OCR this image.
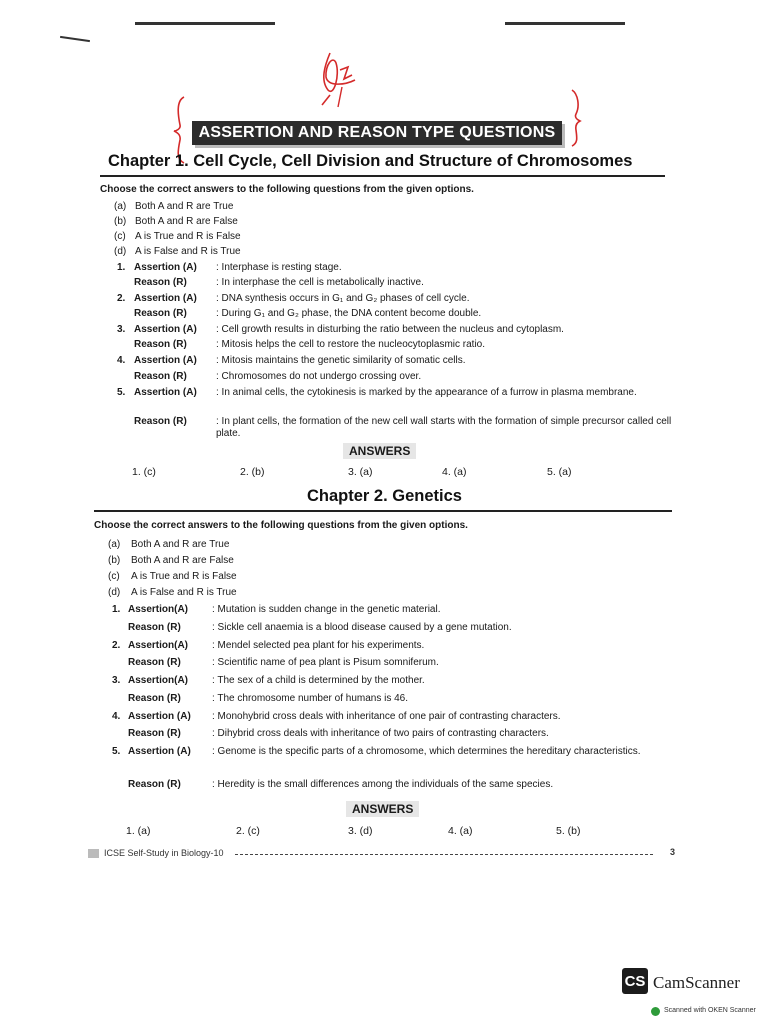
ASSERTION AND REASON TYPE QUESTIONS
Chapter 1. Cell Cycle, Cell Division and Structure of Chromosomes
Choose the correct answers to the following questions from the given options.
(a) Both A and R are True
(b) Both A and R are False
(c) A is True and R is False
(d) A is False and R is True
1. Assertion (A) : Interphase is resting stage.
Reason (R)	: In interphase the cell is metabolically inactive.
2. Assertion (A) : DNA synthesis occurs in G₁ and G₂ phases of cell cycle.
Reason (R)	: During G₁ and G₂ phase, the DNA content become double.
3. Assertion (A) : Cell growth results in disturbing the ratio between the nucleus and cytoplasm.
Reason (R)	: Mitosis helps the cell to restore the nucleocytoplasmic ratio.
4. Assertion (A) : Mitosis maintains the genetic similarity of somatic cells.
Reason (R)	: Chromosomes do not undergo crossing over.
5. Assertion (A) : In animal cells, the cytokinesis is marked by the appearance of a furrow in plasma membrane.
Reason (R)	: In plant cells, the formation of the new cell wall starts with the formation of simple precursor called cell plate.
ANSWERS
1. (c)	2. (b)	3. (a)	4. (a)	5. (a)
Chapter 2. Genetics
Choose the correct answers to the following questions from the given options.
(a) Both A and R are True
(b) Both A and R are False
(c) A is True and R is False
(d) A is False and R is True
1. Assertion(A) : Mutation is sudden change in the genetic material.
Reason (R)	: Sickle cell anaemia is a blood disease caused by a gene mutation.
2. Assertion(A) : Mendel selected pea plant for his experiments.
Reason (R)	: Scientific name of pea plant is Pisum somniferum.
3. Assertion(A) : The sex of a child is determined by the mother.
Reason (R)	: The chromosome number of humans is 46.
4. Assertion (A) : Monohybrid cross deals with inheritance of one pair of contrasting characters.
Reason (R)	: Dihybrid cross deals with inheritance of two pairs of contrasting characters.
5. Assertion (A) : Genome is the specific parts of a chromosome, which determines the hereditary characteristics.
Reason (R)	: Heredity is the small differences among the individuals of the same species.
ANSWERS
1. (a)	2. (c)	3. (d)	4. (a)	5. (b)
ICSE Self-Study in Biology-10	3
CS CamScanner
Scanned with OKEN Scanner
